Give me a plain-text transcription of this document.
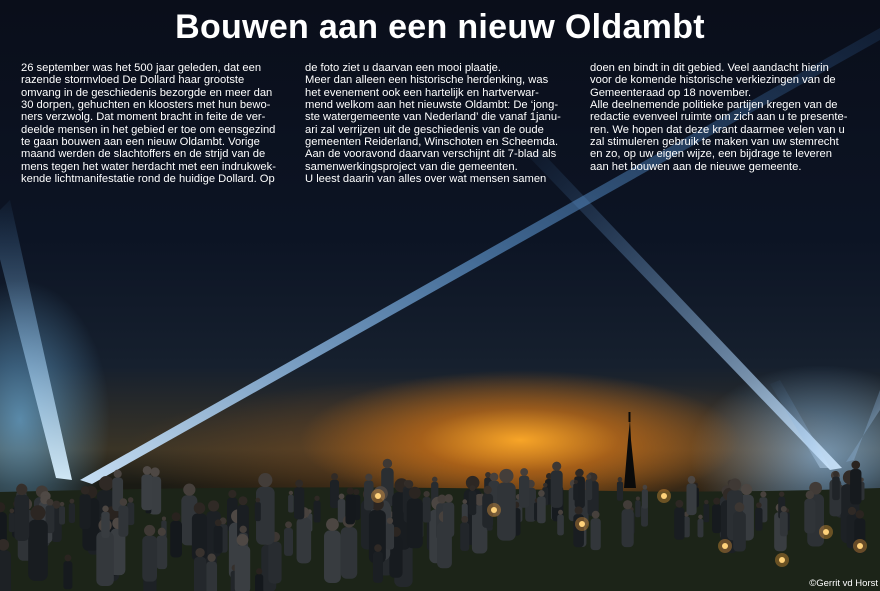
Bouwen aan een nieuw Oldambt

26 september was het 500 jaar geleden, dat een

razende stormvloed De Dollard haar grootste

omvang in de geschiedenis bezorgde en meer dan

30 dorpen, gehuchten en kloosters met hun bewo-

ners verzwolg. Dat moment bracht in feite de ver-

deelde mensen in het gebied er toe om eensgezind

te gaan bouwen aan een nieuw Oldambt. Vorige

maand werden de slachtoffers en de strijd van de

mens tegen het water herdacht met een indrukwek-

kende lichtmanifestatie rond de huidige Dollard. Op

de foto ziet u daarvan een mooi plaatje.

Meer dan alleen een historische herdenking, was

het evenement ook een hartelijk en hartverwar-

mend welkom aan het nieuwste Oldambt: De ‘jong-

ste watergemeente van Nederland’ die vanaf 1janu-

ari zal verrijzen uit de geschiedenis van de oude

gemeenten Reiderland, Winschoten en Scheemda.

Aan de vooravond daarvan verschijnt dit 7-blad als

samenwerkingsproject van die gemeenten.

U leest daarin van alles over wat mensen samen

doen en bindt in dit gebied. Veel aandacht hierin

voor de komende historische verkiezingen van de

Gemeenteraad op 18 november.

Alle deelnemende politieke partijen kregen van de

redactie evenveel ruimte om zich aan u te presente-

ren. We hopen dat deze krant daarmee velen van u

zal stimuleren gebruik te maken van uw stemrecht

en zo, op uw eigen wijze, een bijdrage te leveren

aan het bouwen aan de nieuwe gemeente.

©Gerrit vd Horst
